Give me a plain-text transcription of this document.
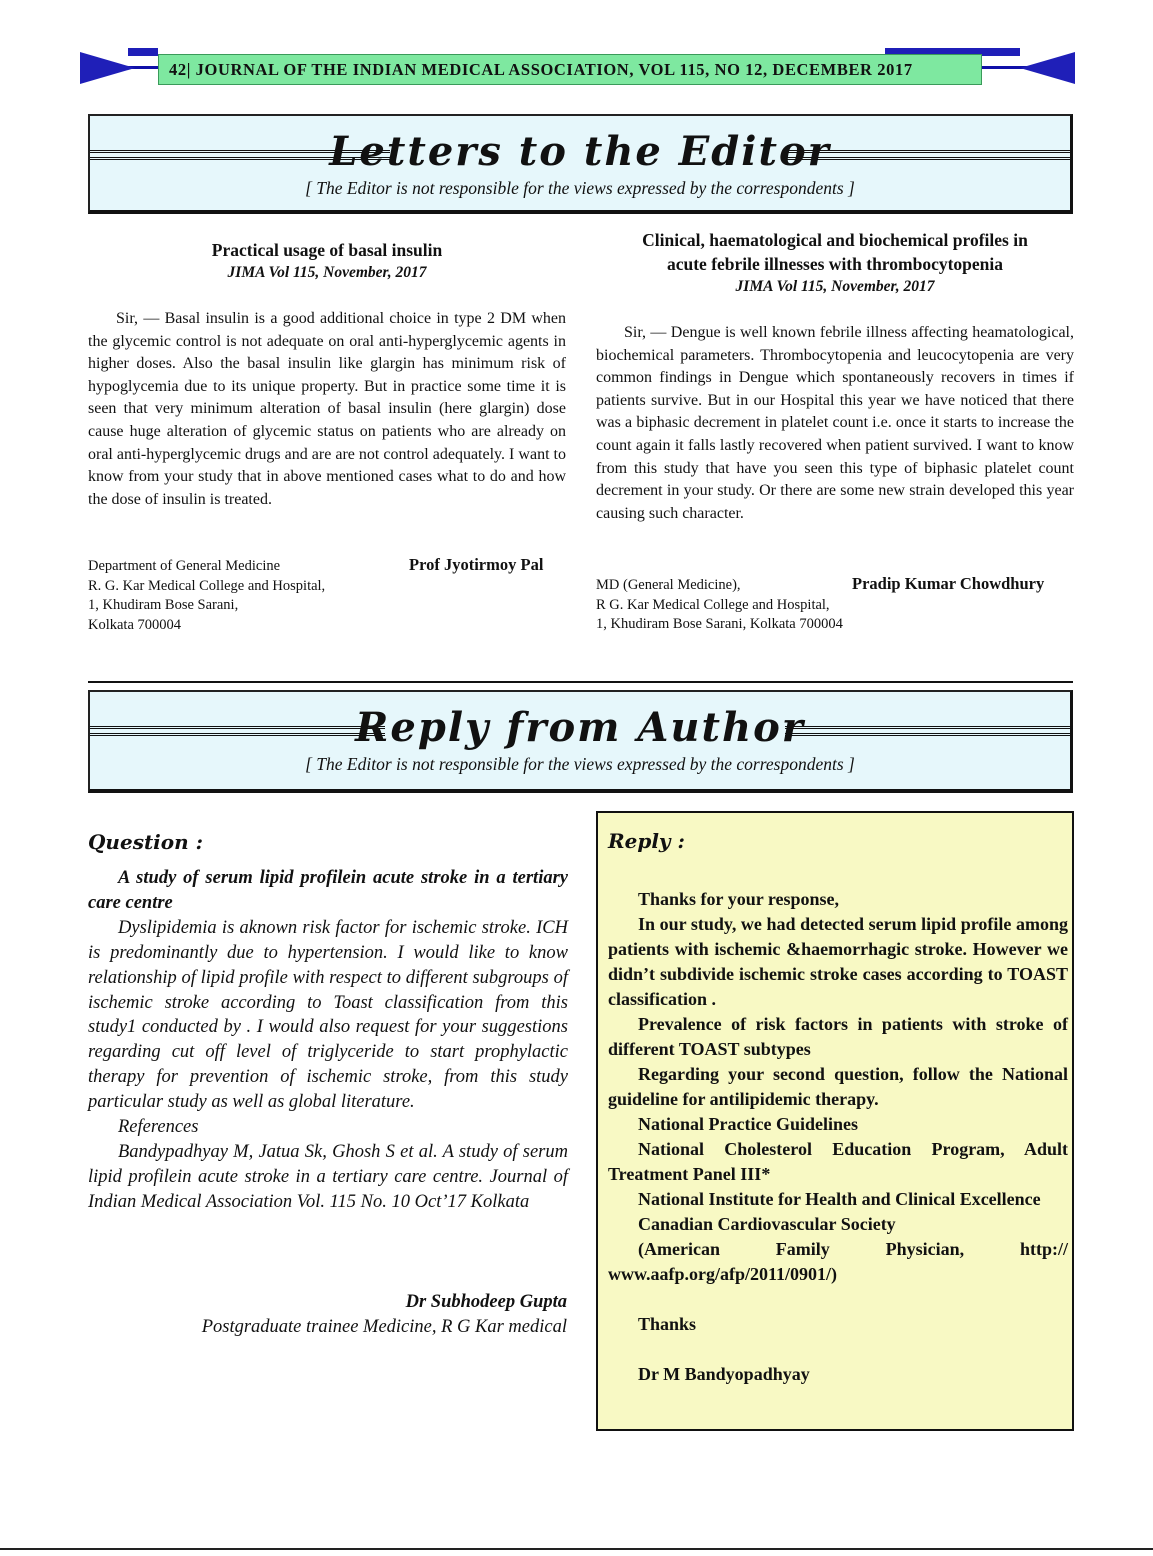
42| JOURNAL OF THE INDIAN MEDICAL ASSOCIATION, VOL 115, NO 12, DECEMBER 2017
Letters to the Editor
[ The Editor is not responsible for the views expressed by the correspondents ]
Practical usage of basal insulin
JIMA Vol 115, November, 2017

Sir, — Basal insulin is a good additional choice in type 2 DM when the glycemic control is not adequate on oral anti-hyperglycemic agents in higher doses. Also the basal insulin like glargin has minimum risk of hypoglycemia due to its unique property. But in practice some time it is seen that very minimum alteration of basal insulin (here glargin) dose cause huge alteration of glycemic status on patients who are already on oral anti-hyperglycemic drugs and are are not control adequately. I want to know from your study that in above mentioned cases what to do and how the dose of insulin is treated.

Department of General Medicine
R. G. Kar Medical College and Hospital,
1, Khudiram Bose Sarani,
Kolkata 700004
Prof Jyotirmoy Pal
Clinical, haematological and biochemical profiles in
acute febrile illnesses with thrombocytopenia
JIMA Vol 115, November, 2017

Sir, — Dengue is well known febrile illness affecting heamatological, biochemical parameters. Thrombocytopenia and leucocytopenia are very common findings in Dengue which spontaneously recovers in times if patients survive. But in our Hospital this year we have noticed that there was a biphasic decrement in platelet count i.e. once it starts to increase the count again it falls lastly recovered when patient survived. I want to know from this study that have you seen this type of biphasic platelet count decrement in your study. Or there are some new strain developed this year causing such character.

Pradip Kumar Chowdhury
MD (General Medicine),
R G. Kar Medical College and Hospital,
1, Khudiram Bose Sarani, Kolkata 700004
Reply from Author
[ The Editor is not responsible for the views expressed by the correspondents ]
Question :

A study of serum lipid profilein acute stroke in a tertiary care centre

Dyslipidemia is aknown risk factor for ischemic stroke. ICH is predominantly due to hypertension. I would like to know relationship of lipid profile with respect to different subgroups of ischemic stroke according to Toast classification from this study1 conducted by . I would also request for your suggestions regarding cut off level of triglyceride to start prophylactic therapy for prevention of ischemic stroke, from this study particular study as well as global literature.

References

Bandypadhyay M, Jatua Sk, Ghosh S et al. A study of serum lipid profilein acute stroke in a tertiary care centre. Journal of Indian Medical Association Vol. 115 No. 10 Oct’17 Kolkata

Dr Subhodeep Gupta
Postgraduate trainee Medicine, R G Kar medical
Reply :

Thanks for your response,

In our study, we had detected serum lipid profile among patients with ischemic &haemorrhagic stroke. However we didn’t subdivide ischemic stroke cases according to TOAST classification .

Prevalence of risk factors in patients with stroke of different TOAST subtypes

Regarding your second question, follow the National guideline for antilipidemic therapy.

National Practice Guidelines

National Cholesterol Education Program, Adult Treatment Panel III*

National Institute for Health and Clinical Excellence

Canadian Cardiovascular Society

(American Family Physician, http:// www.aafp.org/afp/2011/0901/)

Thanks

Dr M Bandyopadhyay
